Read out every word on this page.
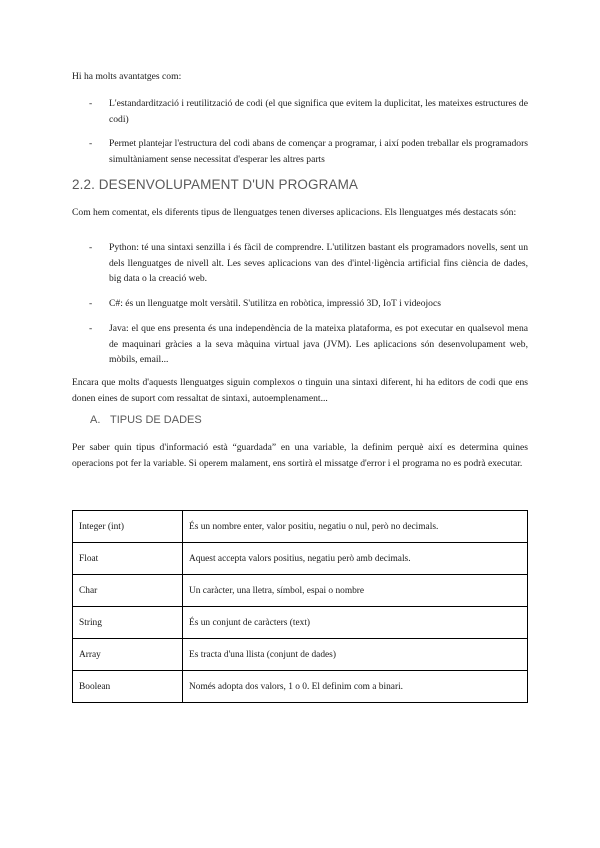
Hi ha molts avantatges com:
- L'estandardització i reutilització de codi (el que significa que evitem la duplicitat, les mateixes estructures de codi)
- Permet plantejar l'estructura del codi abans de començar a programar, i així poden treballar els programadors simultàniament sense necessitat d'esperar les altres parts
2.2. DESENVOLUPAMENT D'UN PROGRAMA
Com hem comentat, els diferents tipus de llenguatges tenen diverses aplicacions. Els llenguatges més destacats són:
- Python: té una sintaxi senzilla i és fàcil de comprendre. L'utilitzen bastant els programadors novells, sent un dels llenguatges de nivell alt. Les seves aplicacions van des d'intel·ligència artificial fins ciència de dades, big data o la creació web.
- C#: és un llenguatge molt versàtil. S'utilitza en robòtica, impressió 3D, IoT i videojocs
- Java: el que ens presenta és una independència de la mateixa plataforma, es pot executar en qualsevol mena de maquinari gràcies a la seva màquina virtual java (JVM). Les aplicacions són desenvolupament web, mòbils, email...
Encara que molts d'aquests llenguatges siguin complexos o tinguin una sintaxi diferent, hi ha editors de codi que ens donen eines de suport com ressaltat de sintaxi, autoemplenament...
A. TIPUS DE DADES
Per saber quin tipus d'informació està “guardada” en una variable, la definim perquè així es determina quines operacions pot fer la variable. Si operem malament, ens sortirà el missatge d'error i el programa no es podrà executar.
Integer (int)	És un nombre enter, valor positiu, negatiu o nul, però no decimals.
Float	Aquest accepta valors positius, negatiu però amb decimals.
Char	Un caràcter, una lletra, símbol, espai o nombre
String	És un conjunt de caràcters (text)
Array	Es tracta d'una llista (conjunt de dades)
Boolean	Només adopta dos valors, 1 o 0. El definim com a binari.
